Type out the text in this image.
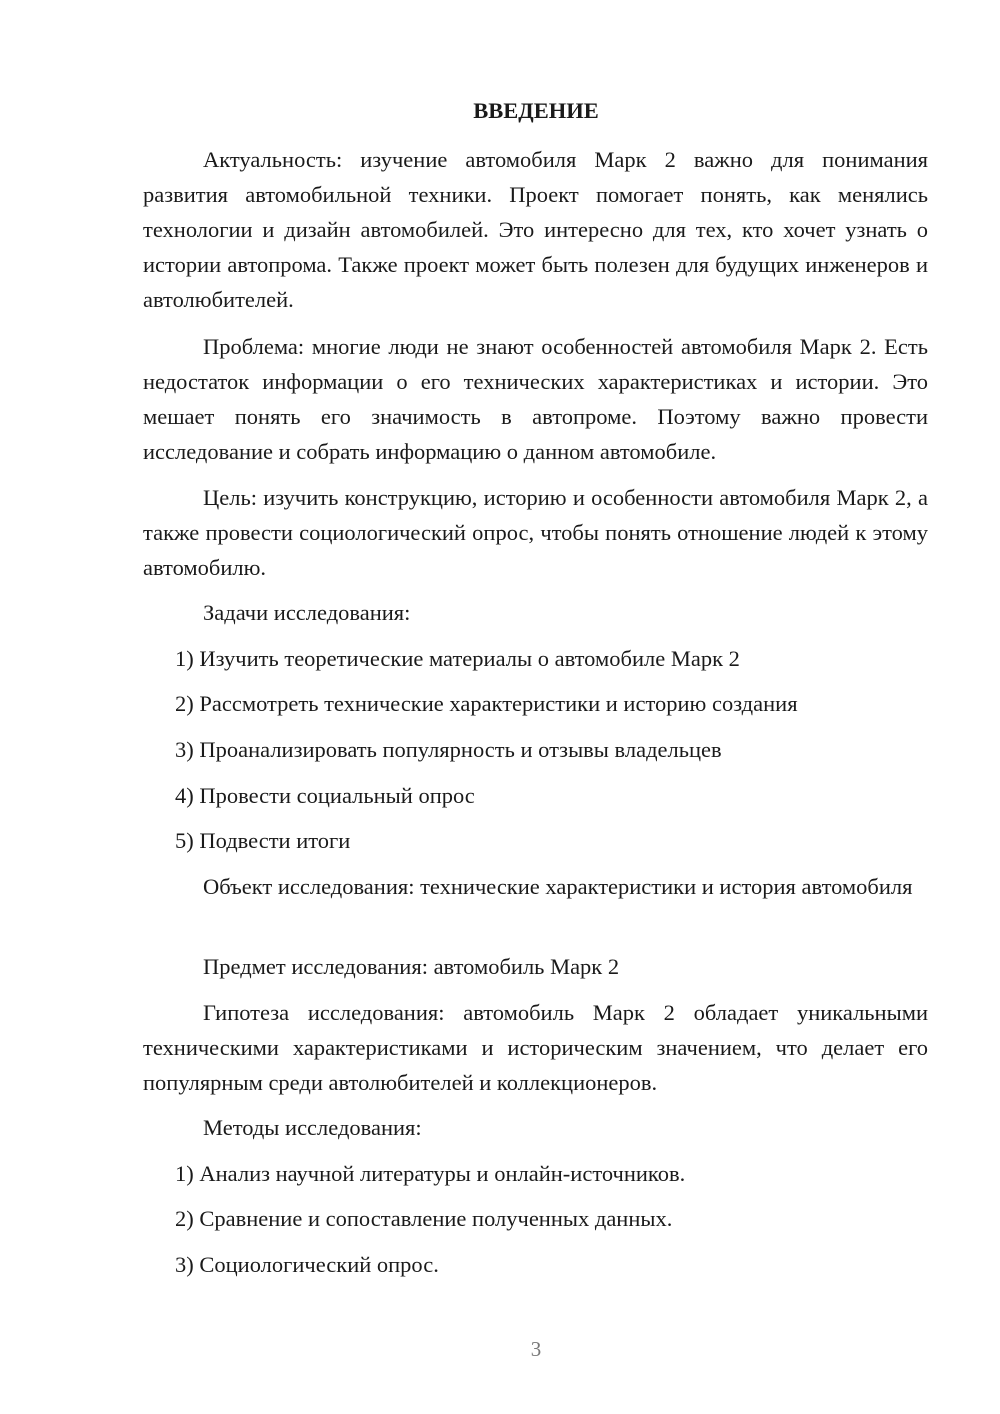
ВВЕДЕНИЕ

Актуальность: изучение автомобиля Марк 2 важно для понимания развития автомобильной техники. Проект помогает понять, как менялись технологии и дизайн автомобилей. Это интересно для тех, кто хочет узнать о истории автопрома. Также проект может быть полезен для будущих инженеров и автолюбителей.

Проблема: многие люди не знают особенностей автомобиля Марк 2. Есть недостаток информации о его технических характеристиках и истории. Это мешает понять его значимость в автопроме. Поэтому важно провести исследование и собрать информацию о данном автомобиле.

Цель: изучить конструкцию, историю и особенности автомобиля Марк 2, а также провести социологический опрос, чтобы понять отношение людей к этому автомобилю.

Задачи исследования:

1) Изучить теоретические материалы о автомобиле Марк 2

2) Рассмотреть технические характеристики и историю создания

3) Проанализировать популярность и отзывы владельцев

4) Провести социальный опрос

5) Подвести итоги

Объект исследования: технические характеристики и история автомобиля

Предмет исследования: автомобиль Марк 2

Гипотеза исследования: автомобиль Марк 2 обладает уникальными техническими характеристиками и историческим значением, что делает его популярным среди автолюбителей и коллекционеров.

Методы исследования:

1) Анализ научной литературы и онлайн-источников.

2) Сравнение и сопоставление полученных данных.

3) Социологический опрос.

3
